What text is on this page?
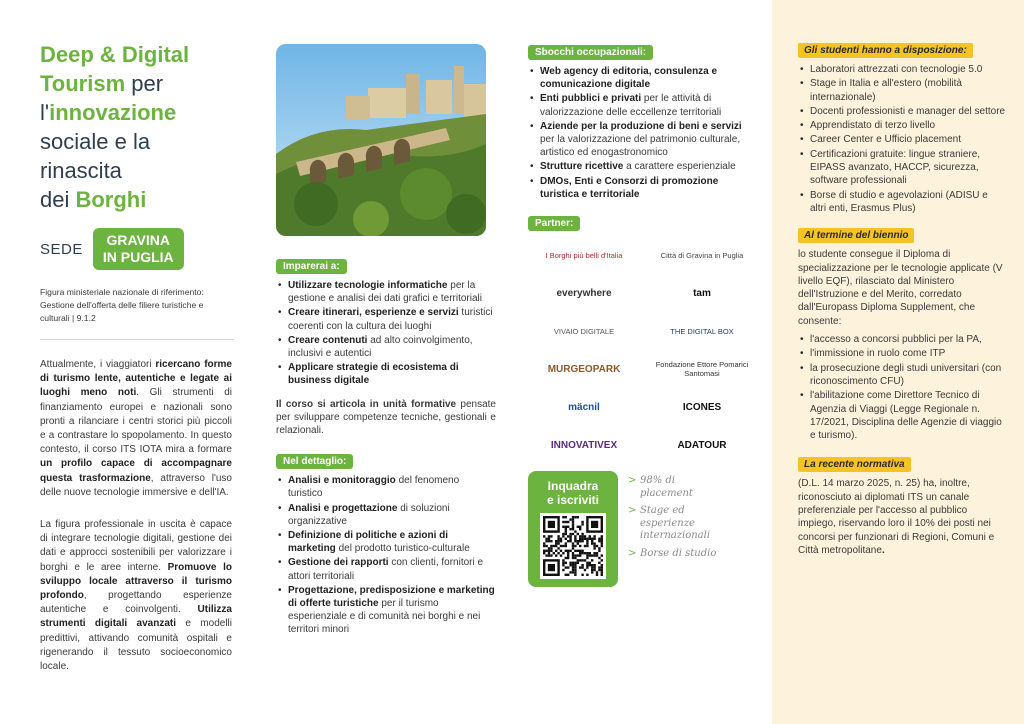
Deep & Digital
Tourism per
l'innovazione
sociale e la rinascita
dei Borghi
SEDE
GRAVINA
IN PUGLIA
Figura ministeriale nazionale di riferimento: Gestione dell'offerta delle filiere turistiche e culturali | 9.1.2

Attualmente, i viaggiatori ricercano forme di turismo lente, autentiche e legate ai luoghi meno noti. Gli strumenti di finanziamento europei e nazionali sono pronti a rilanciare i centri storici più piccoli e a contrastare lo spopolamento. In questo contesto, il corso ITS IOTA mira a formare un profilo capace di accompagnare questa trasformazione, attraverso l'uso delle nuove tecnologie immersive e dell'IA.

La figura professionale in uscita è capace di integrare tecnologie digitali, gestione dei dati e approcci sostenibili per valorizzare i borghi e le aree interne. Promuove lo sviluppo locale attraverso il turismo profondo, progettando esperienze autentiche e coinvolgenti. Utilizza strumenti digitali avanzati e modelli predittivi, attivando comunità ospitali e rigenerando il tessuto socioeconomico locale.

Imparerai a:
• Utilizzare tecnologie informatiche per la gestione e analisi dei dati grafici e territoriali
• Creare itinerari, esperienze e servizi turistici coerenti con la cultura dei luoghi
• Creare contenuti ad alto coinvolgimento, inclusivi e autentici
• Applicare strategie di ecosistema di business digitale

Il corso si articola in unità formative pensate per sviluppare competenze tecniche, gestionali e relazionali.

Nel dettaglio:
• Analisi e monitoraggio del fenomeno turistico
• Analisi e progettazione di soluzioni organizzative
• Definizione di politiche e azioni di marketing del prodotto turistico-culturale
• Gestione dei rapporti con clienti, fornitori e attori territoriali
• Progettazione, predisposizione e marketing di offerte turistiche per il turismo esperienziale e di comunità nei borghi e nei territori minori
Sbocchi occupazionali:
• Web agency di editoria, consulenza e comunicazione digitale
• Enti pubblici e privati per le attività di valorizzazione delle eccellenze territoriali
• Aziende per la produzione di beni e servizi per la valorizzazione del patrimonio culturale, artistico ed enogastronomico
• Strutture ricettive a carattere esperienziale
• DMOs, Enti e Consorzi di promozione turistica e territoriale
Partner:
I Borghi più belli d'Italia	Città di Gravina in Puglia
everywhere	tam
VIVAIO DIGITALE	THE DIGITAL BOX
MURGEOPARK	Fondazione Ettore Pomarici Santomasi
mäcnil	ICONES
INNOVATIVEX	ADATOUR
Inquadra
e iscriviti
> 98% di placement
> Stage ed esperienze internazionali
> Borse di studio
Gli studenti hanno a disposizione:
• Laboratori attrezzati con tecnologie 5.0
• Stage in Italia e all'estero (mobilità internazionale)
• Docenti professionisti e manager del settore
• Apprendistato di terzo livello
• Career Center e Ufficio placement
• Certificazioni gratuite: lingue straniere, EIPASS avanzato, HACCP, sicurezza, software professionali
• Borse di studio e agevolazioni (ADISU e altri enti, Erasmus Plus)
Al termine del biennio

lo studente consegue il Diploma di specializzazione per le tecnologie applicate (V livello EQF), rilasciato dal Ministero dell'Istruzione e del Merito, corredato dall'Europass Diploma Supplement, che consente:

• l'accesso a concorsi pubblici per la PA,
• l'immissione in ruolo come ITP
• la prosecuzione degli studi universitari (con riconoscimento CFU)
• l'abilitazione come Direttore Tecnico di Agenzia di Viaggi (Legge Regionale n. 17/2021, Disciplina delle Agenzie di viaggio e turismo).
La recente normativa

(D.L. 14 marzo 2025, n. 25) ha, inoltre, riconosciuto ai diplomati ITS un canale preferenziale per l'accesso al pubblico impiego, riservando loro il 10% dei posti nei concorsi per funzionari di Regioni, Comuni e Città metropolitane.
